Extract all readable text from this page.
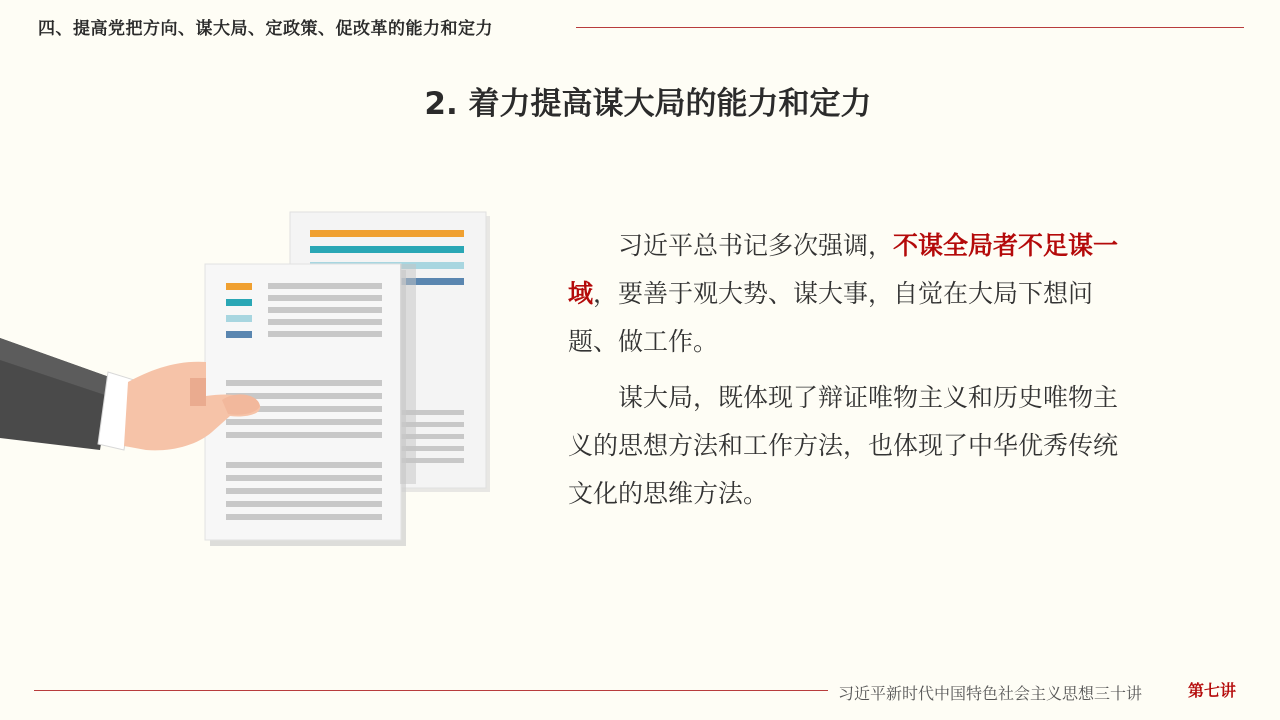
四、提高党把方向、谋大局、定政策、促改革的能力和定力
2. 着力提高谋大局的能力和定力

习近平总书记多次强调，不谋全局者不足谋一域，要善于观大势、谋大事，自觉在大局下想问题、做工作。

谋大局，既体现了辩证唯物主义和历史唯物主义的思想方法和工作方法，也体现了中华优秀传统文化的思维方法。

习近平新时代中国特色社会主义思想三十讲	第七讲
